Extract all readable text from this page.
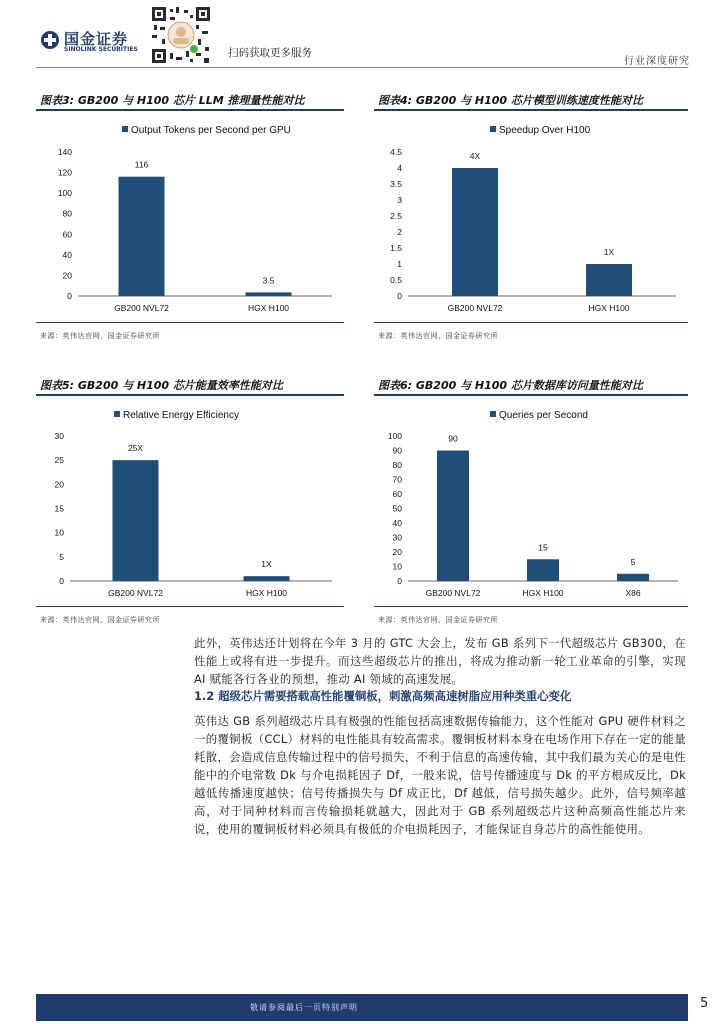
国金证券
SINOLINK SECURITIES	扫码获取更多服务
行业深度研究
图表3: GB200 与 H100 芯片 LLM 推理量性能对比
Output Tokens per Second per GPU
0
20
40
60
80
100
120
140
116
GB200 NVL72
3.5
HGX H100
来源：英伟达官网、国金证券研究所
图表4: GB200 与 H100 芯片模型训练速度性能对比
Speedup Over H100
0
0.5
1
1.5
2
2.5
3
3.5
4
4.5	4X
GB200 NVL72
1X
HGX H100
来源：英伟达官网、国金证券研究所
图表5: GB200 与 H100 芯片能量效率性能对比
Relative Energy Efficiency
0
5
10
15
20
25
30
25X
GB200 NVL72
1X
HGX H100
来源：英伟达官网、国金证券研究所
图表6: GB200 与 H100 芯片数据库访问量性能对比
Queries per Second
0
10
20
30
40
50
60
70
80
90
100	90
GB200 NVL72
15
HGX H100
5
X86
来源：英伟达官网、国金证券研究所
此外，英伟达还计划将在今年 3 月的 GTC 大会上，发布 GB 系列下一代超级芯片 GB300，在性能上或将有进一步提升。而这些超级芯片的推出，将成为推动新一轮工业革命的引擎，实现 AI 赋能各行各业的预想，推动 AI 领域的高速发展。
1.2 超级芯片需要搭载高性能覆铜板，刺激高频高速树脂应用种类重心变化
英伟达 GB 系列超级芯片具有极强的性能包括高速数据传输能力，这个性能对 GPU 硬件材料之一的覆铜板（CCL）材料的电性能具有较高需求。覆铜板材料本身在电场作用下存在一定的能量耗散，会造成信息传输过程中的信号损失，不利于信息的高速传输，其中我们最为关心的是电性能中的介电常数 Dk 与介电损耗因子 Df，一般来说，信号传播速度与 Dk 的平方根成反比，Dk 越低传播速度越快；信号传播损失与 Df 成正比，Df 越低，信号损失越少。此外，信号频率越高，对于同种材料而言传输损耗就越大，因此对于 GB 系列超级芯片这种高频高性能芯片来说，使用的覆铜板材料必须具有极低的介电损耗因子，才能保证自身芯片的高性能使用。
敬请参阅最后一页特别声明	5
